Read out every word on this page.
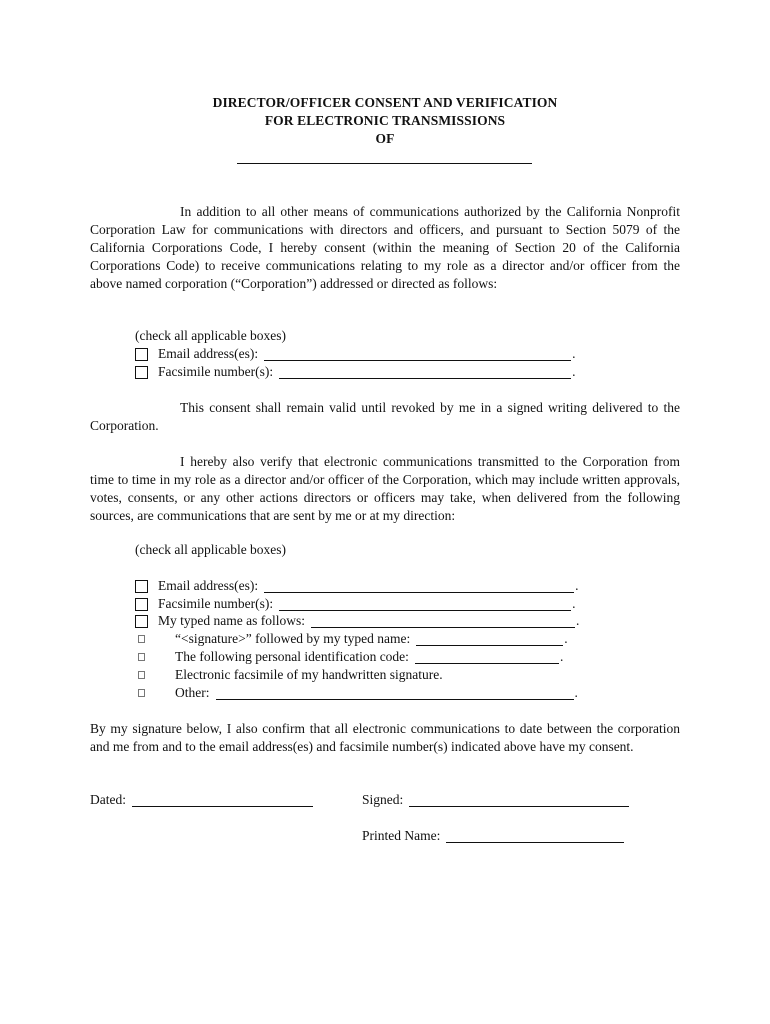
DIRECTOR/OFFICER CONSENT AND VERIFICATION
FOR ELECTRONIC TRANSMISSIONS
OF
In addition to all other means of communications authorized by the California Nonprofit Corporation Law for communications with directors and officers, and pursuant to Section 5079 of the California Corporations Code, I hereby consent (within the meaning of Section 20 of the California Corporations Code) to receive communications relating to my role as a director and/or officer from the above named corporation (“Corporation”) addressed or directed as follows:
(check all applicable boxes)
Email address(es):	.
Facsimile number(s):	.
This consent shall remain valid until revoked by me in a signed writing delivered to the Corporation.
I hereby also verify that electronic communications transmitted to the Corporation from time to time in my role as a director and/or officer of the Corporation, which may include written approvals, votes, consents, or any other actions directors or officers may take, when delivered from the following sources, are communications that are sent by me or at my direction:
(check all applicable boxes)
Email address(es):	.
Facsimile number(s):	.
My typed name as follows:	.
“<signature>” followed by my typed name:	.
The following personal identification code:	.
Electronic facsimile of my handwritten signature.
Other:	.
By my signature below, I also confirm that all electronic communications to date between the corporation and me from and to the email address(es) and facsimile number(s) indicated above have my consent.
Dated:	Signed:
Printed Name:
